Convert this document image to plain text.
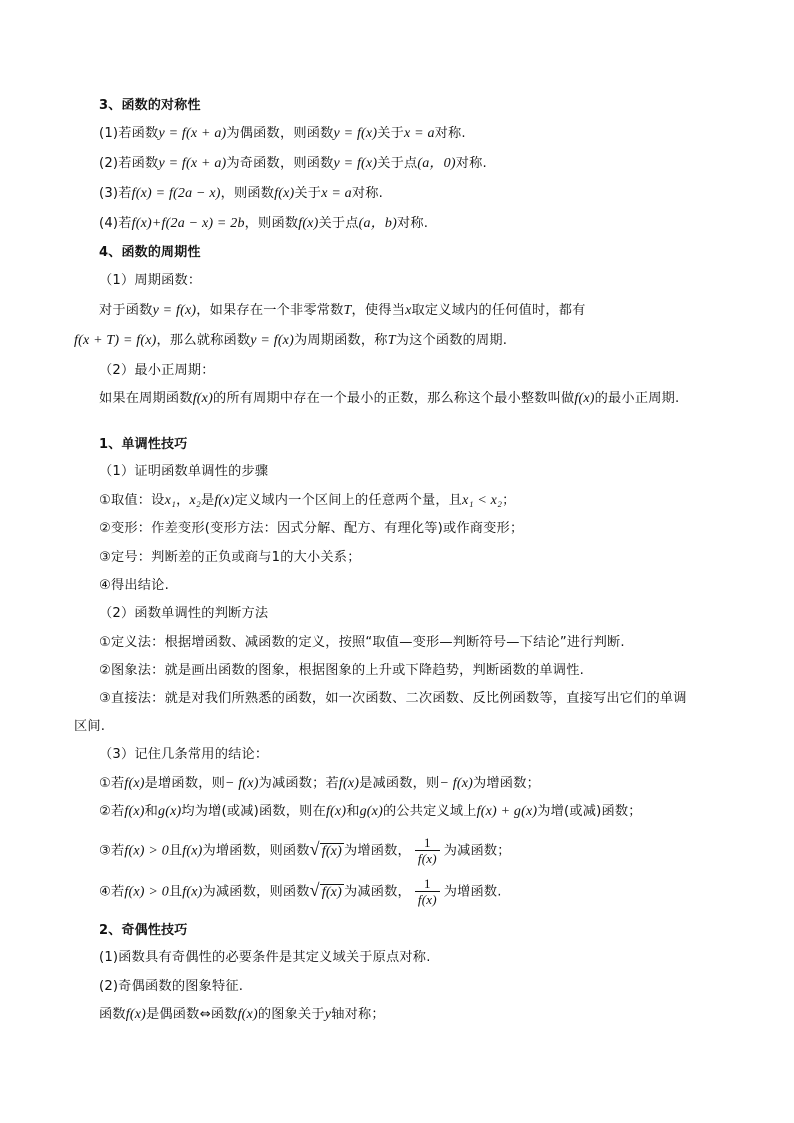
3、函数的对称性
(1)若函数y = f(x + a)为偶函数，则函数y = f(x)关于x = a对称.
(2)若函数y = f(x + a)为奇函数，则函数y = f(x)关于点(a，0)对称.
(3)若f(x) = f(2a − x)，则函数f(x)关于x = a对称.
(4)若f(x)+f(2a − x) = 2b，则函数f(x)关于点(a，b)对称.
4、函数的周期性
（1）周期函数：
对于函数y = f(x)，如果存在一个非零常数T，使得当x取定义域内的任何值时，都有
f(x + T) = f(x)，那么就称函数y = f(x)为周期函数，称T为这个函数的周期.
（2）最小正周期：
如果在周期函数f(x)的所有周期中存在一个最小的正数，那么称这个最小整数叫做f(x)的最小正周期.
1、单调性技巧
（1）证明函数单调性的步骤
①取值：设x₁，x₂是f(x)定义域内一个区间上的任意两个量，且x₁ < x₂；
②变形：作差变形(变形方法：因式分解、配方、有理化等)或作商变形；
③定号：判断差的正负或商与1的大小关系；
④得出结论.
（2）函数单调性的判断方法
①定义法：根据增函数、减函数的定义，按照“取值—变形—判断符号—下结论”进行判断.
②图象法：就是画出函数的图象，根据图象的上升或下降趋势，判断函数的单调性.
③直接法：就是对我们所熟悉的函数，如一次函数、二次函数、反比例函数等，直接写出它们的单调
区间.
（3）记住几条常用的结论：
①若f(x)是增函数，则− f(x)为减函数；若f(x)是减函数，则− f(x)为增函数；
②若f(x)和g(x)均为增(或减)函数，则在f(x)和g(x)的公共定义域上f(x) + g(x)为增(或减)函数；
③若f(x) > 0且f(x)为增函数，则函数√ f(x) 为增函数， $\frac{1}{f(x)}$ 为减函数；
④若f(x) > 0且f(x)为减函数，则函数√ f(x) 为减函数， $\frac{1}{f(x)}$ 为增函数.
2、奇偶性技巧
(1)函数具有奇偶性的必要条件是其定义域关于原点对称.
(2)奇偶函数的图象特征.
函数f(x)是偶函数⇔函数f(x)的图象关于y轴对称；
